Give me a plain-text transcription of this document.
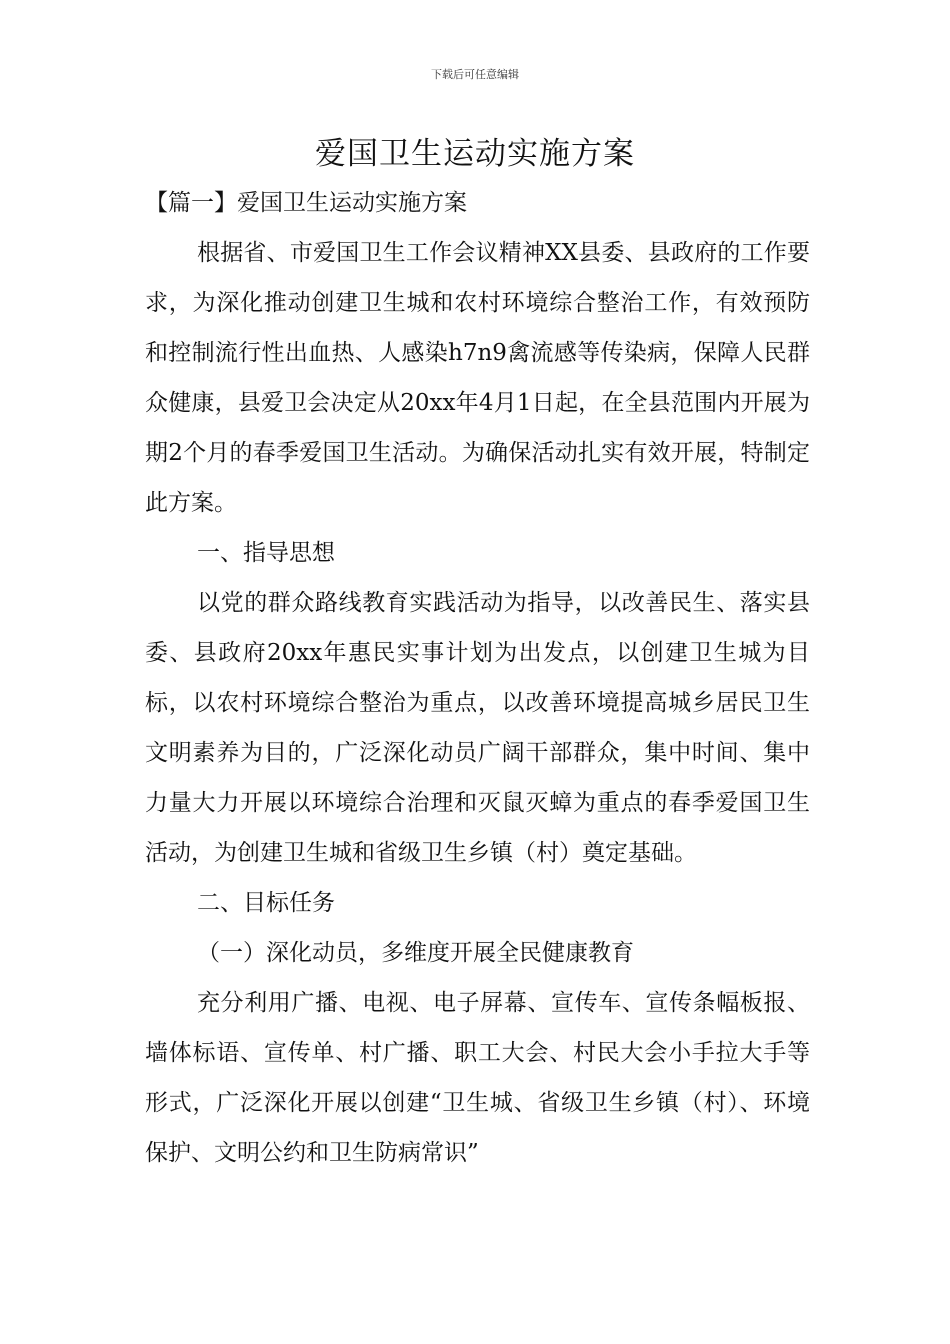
下载后可任意编辑
爱国卫生运动实施方案

【篇一】爱国卫生运动实施方案

根据省、市爱国卫生工作会议精神XX县委、县政府的工作要求，为深化推动创建卫生城和农村环境综合整治工作，有效预防和控制流行性出血热、人感染h7n9禽流感等传染病，保障人民群众健康，县爱卫会决定从20xx年4月1日起，在全县范围内开展为期2个月的春季爱国卫生活动。为确保活动扎实有效开展，特制定此方案。

一、指导思想

以党的群众路线教育实践活动为指导，以改善民生、落实县委、县政府20xx年惠民实事计划为出发点，以创建卫生城为目标，以农村环境综合整治为重点，以改善环境提高城乡居民卫生文明素养为目的，广泛深化动员广阔干部群众，集中时间、集中力量大力开展以环境综合治理和灭鼠灭蟑为重点的春季爱国卫生活动，为创建卫生城和省级卫生乡镇（村）奠定基础。

二、目标任务

（一）深化动员，多维度开展全民健康教育

充分利用广播、电视、电子屏幕、宣传车、宣传条幅板报、墙体标语、宣传单、村广播、职工大会、村民大会小手拉大手等形式，广泛深化开展以创建“卫生城、省级卫生乡镇（村）、环境保护、文明公约和卫生防病常识”
